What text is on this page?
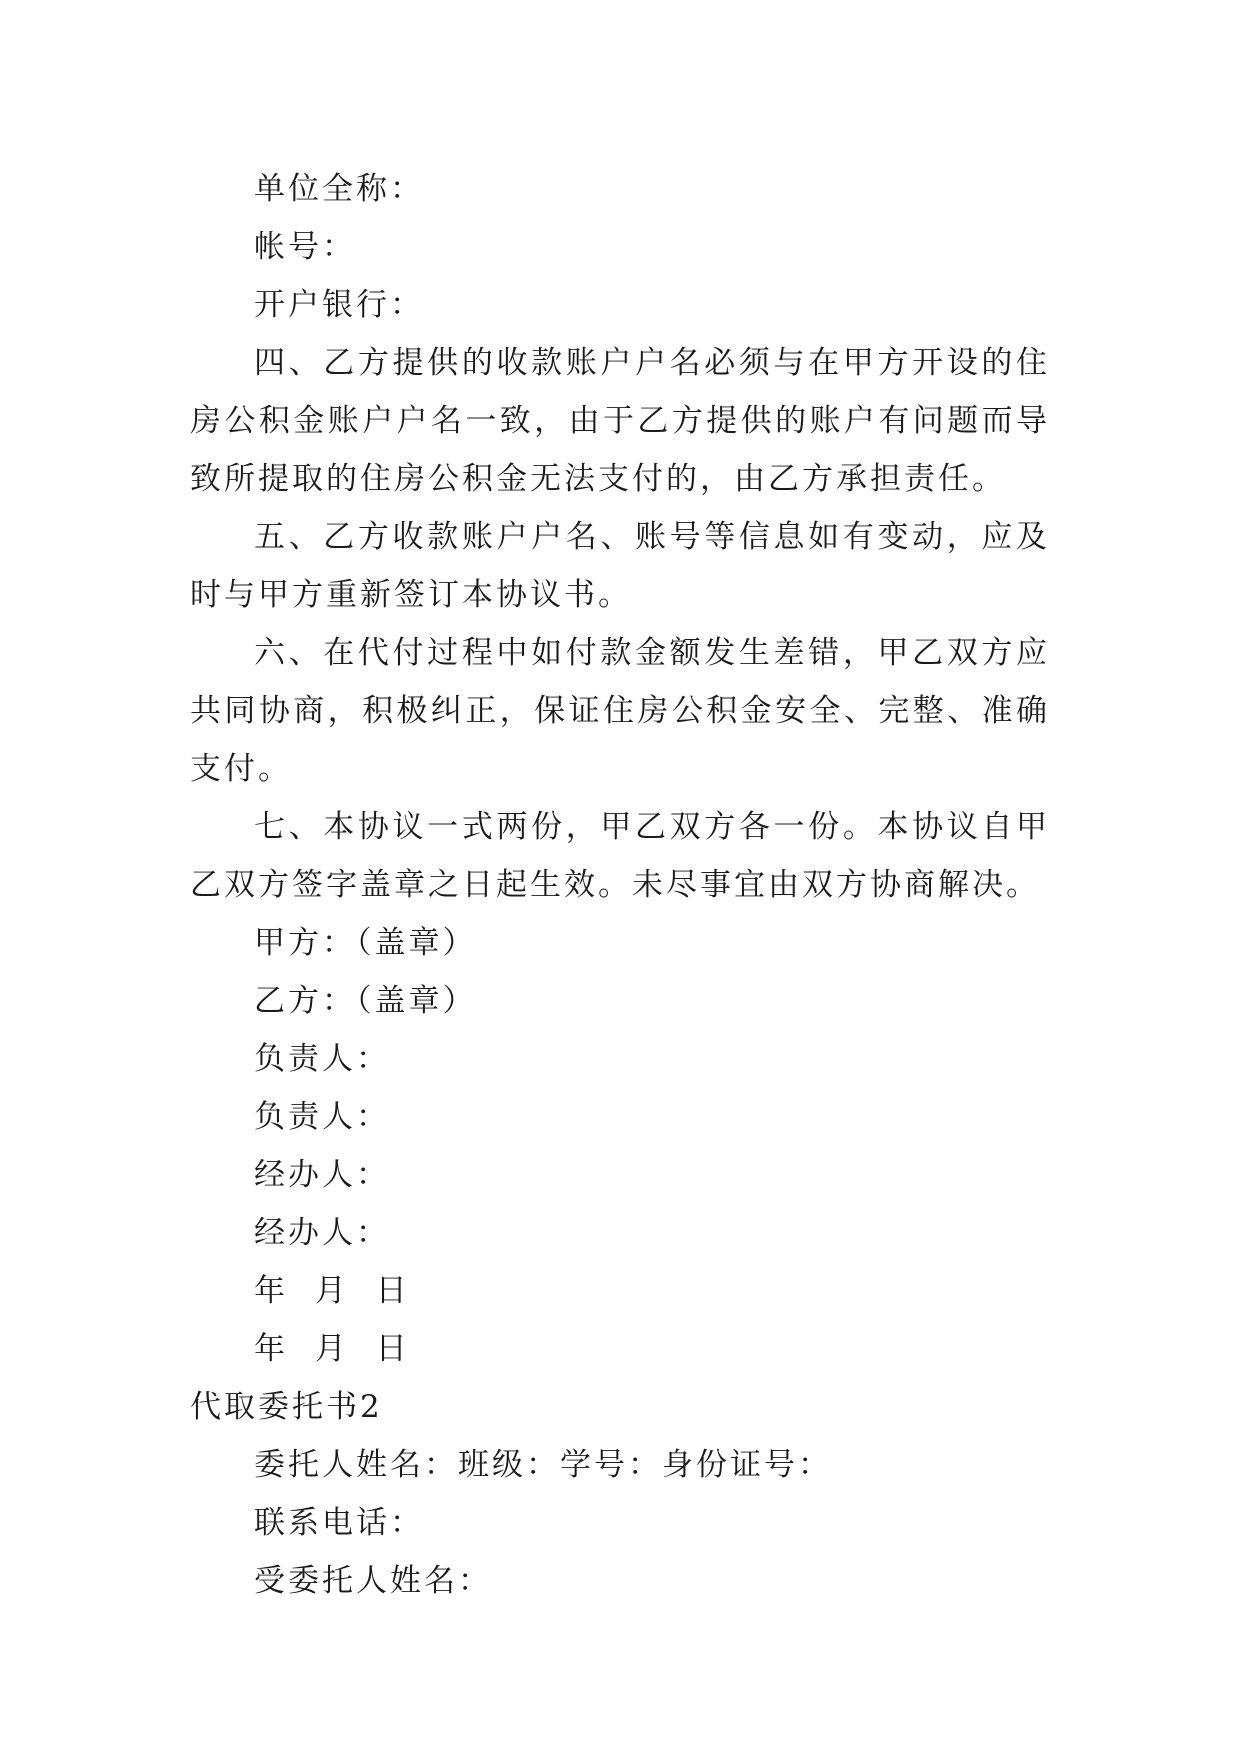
单位全称：
帐号：
开户银行：

四、乙方提供的收款账户户名必须与在甲方开设的住房公积金账户户名一致，由于乙方提供的账户有问题而导致所提取的住房公积金无法支付的，由乙方承担责任。

五、乙方收款账户户名、账号等信息如有变动，应及时与甲方重新签订本协议书。

六、在代付过程中如付款金额发生差错，甲乙双方应共同协商，积极纠正，保证住房公积金安全、完整、准确支付。

七、本协议一式两份，甲乙双方各一份。本协议自甲乙双方签字盖章之日起生效。未尽事宜由双方协商解决。

甲方：（盖章）
乙方：（盖章）
负责人：
负责人：
经办人：
经办人：
年 月 日
年 月 日
代取委托书2
委托人姓名：班级：学号：身份证号：
联系电话：
受委托人姓名：
